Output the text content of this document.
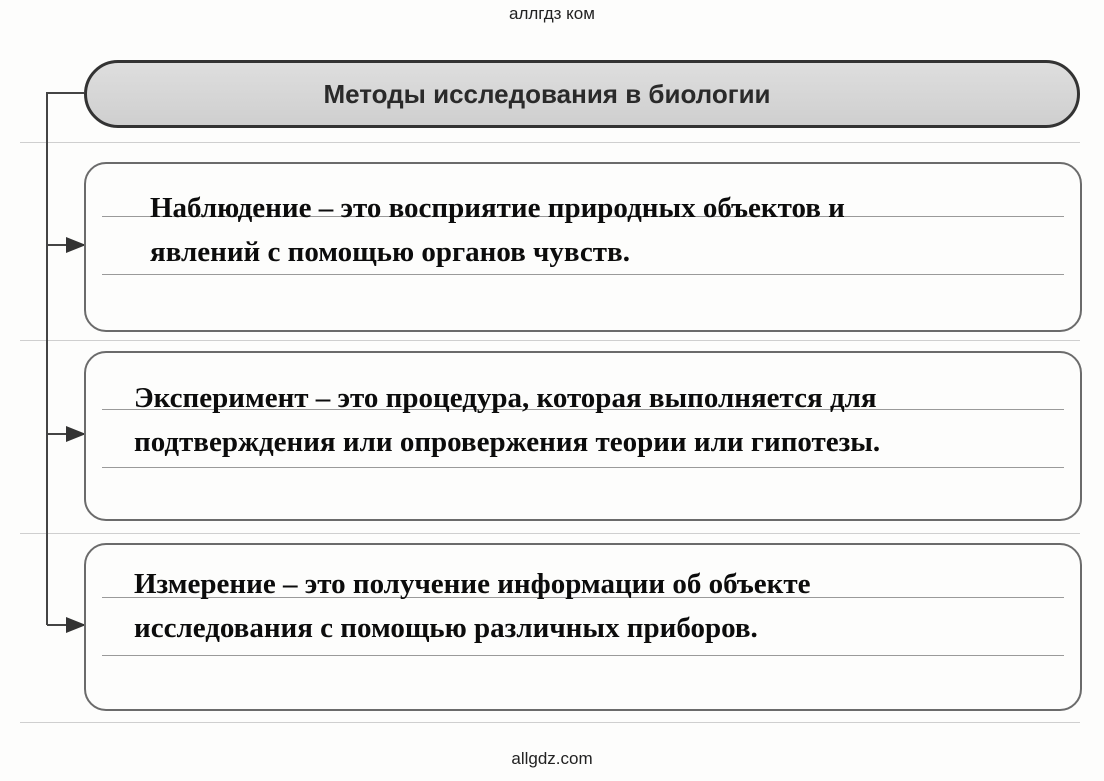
аллгдз ком
Методы исследования в биологии
Наблюдение – это восприятие природных объектов и
явлений с помощью органов чувств.
Эксперимент – это процедура, которая выполняется для
подтверждения или опровержения теории или гипотезы.
Измерение – это получение информации об объекте
исследования с помощью различных приборов.
allgdz.com
